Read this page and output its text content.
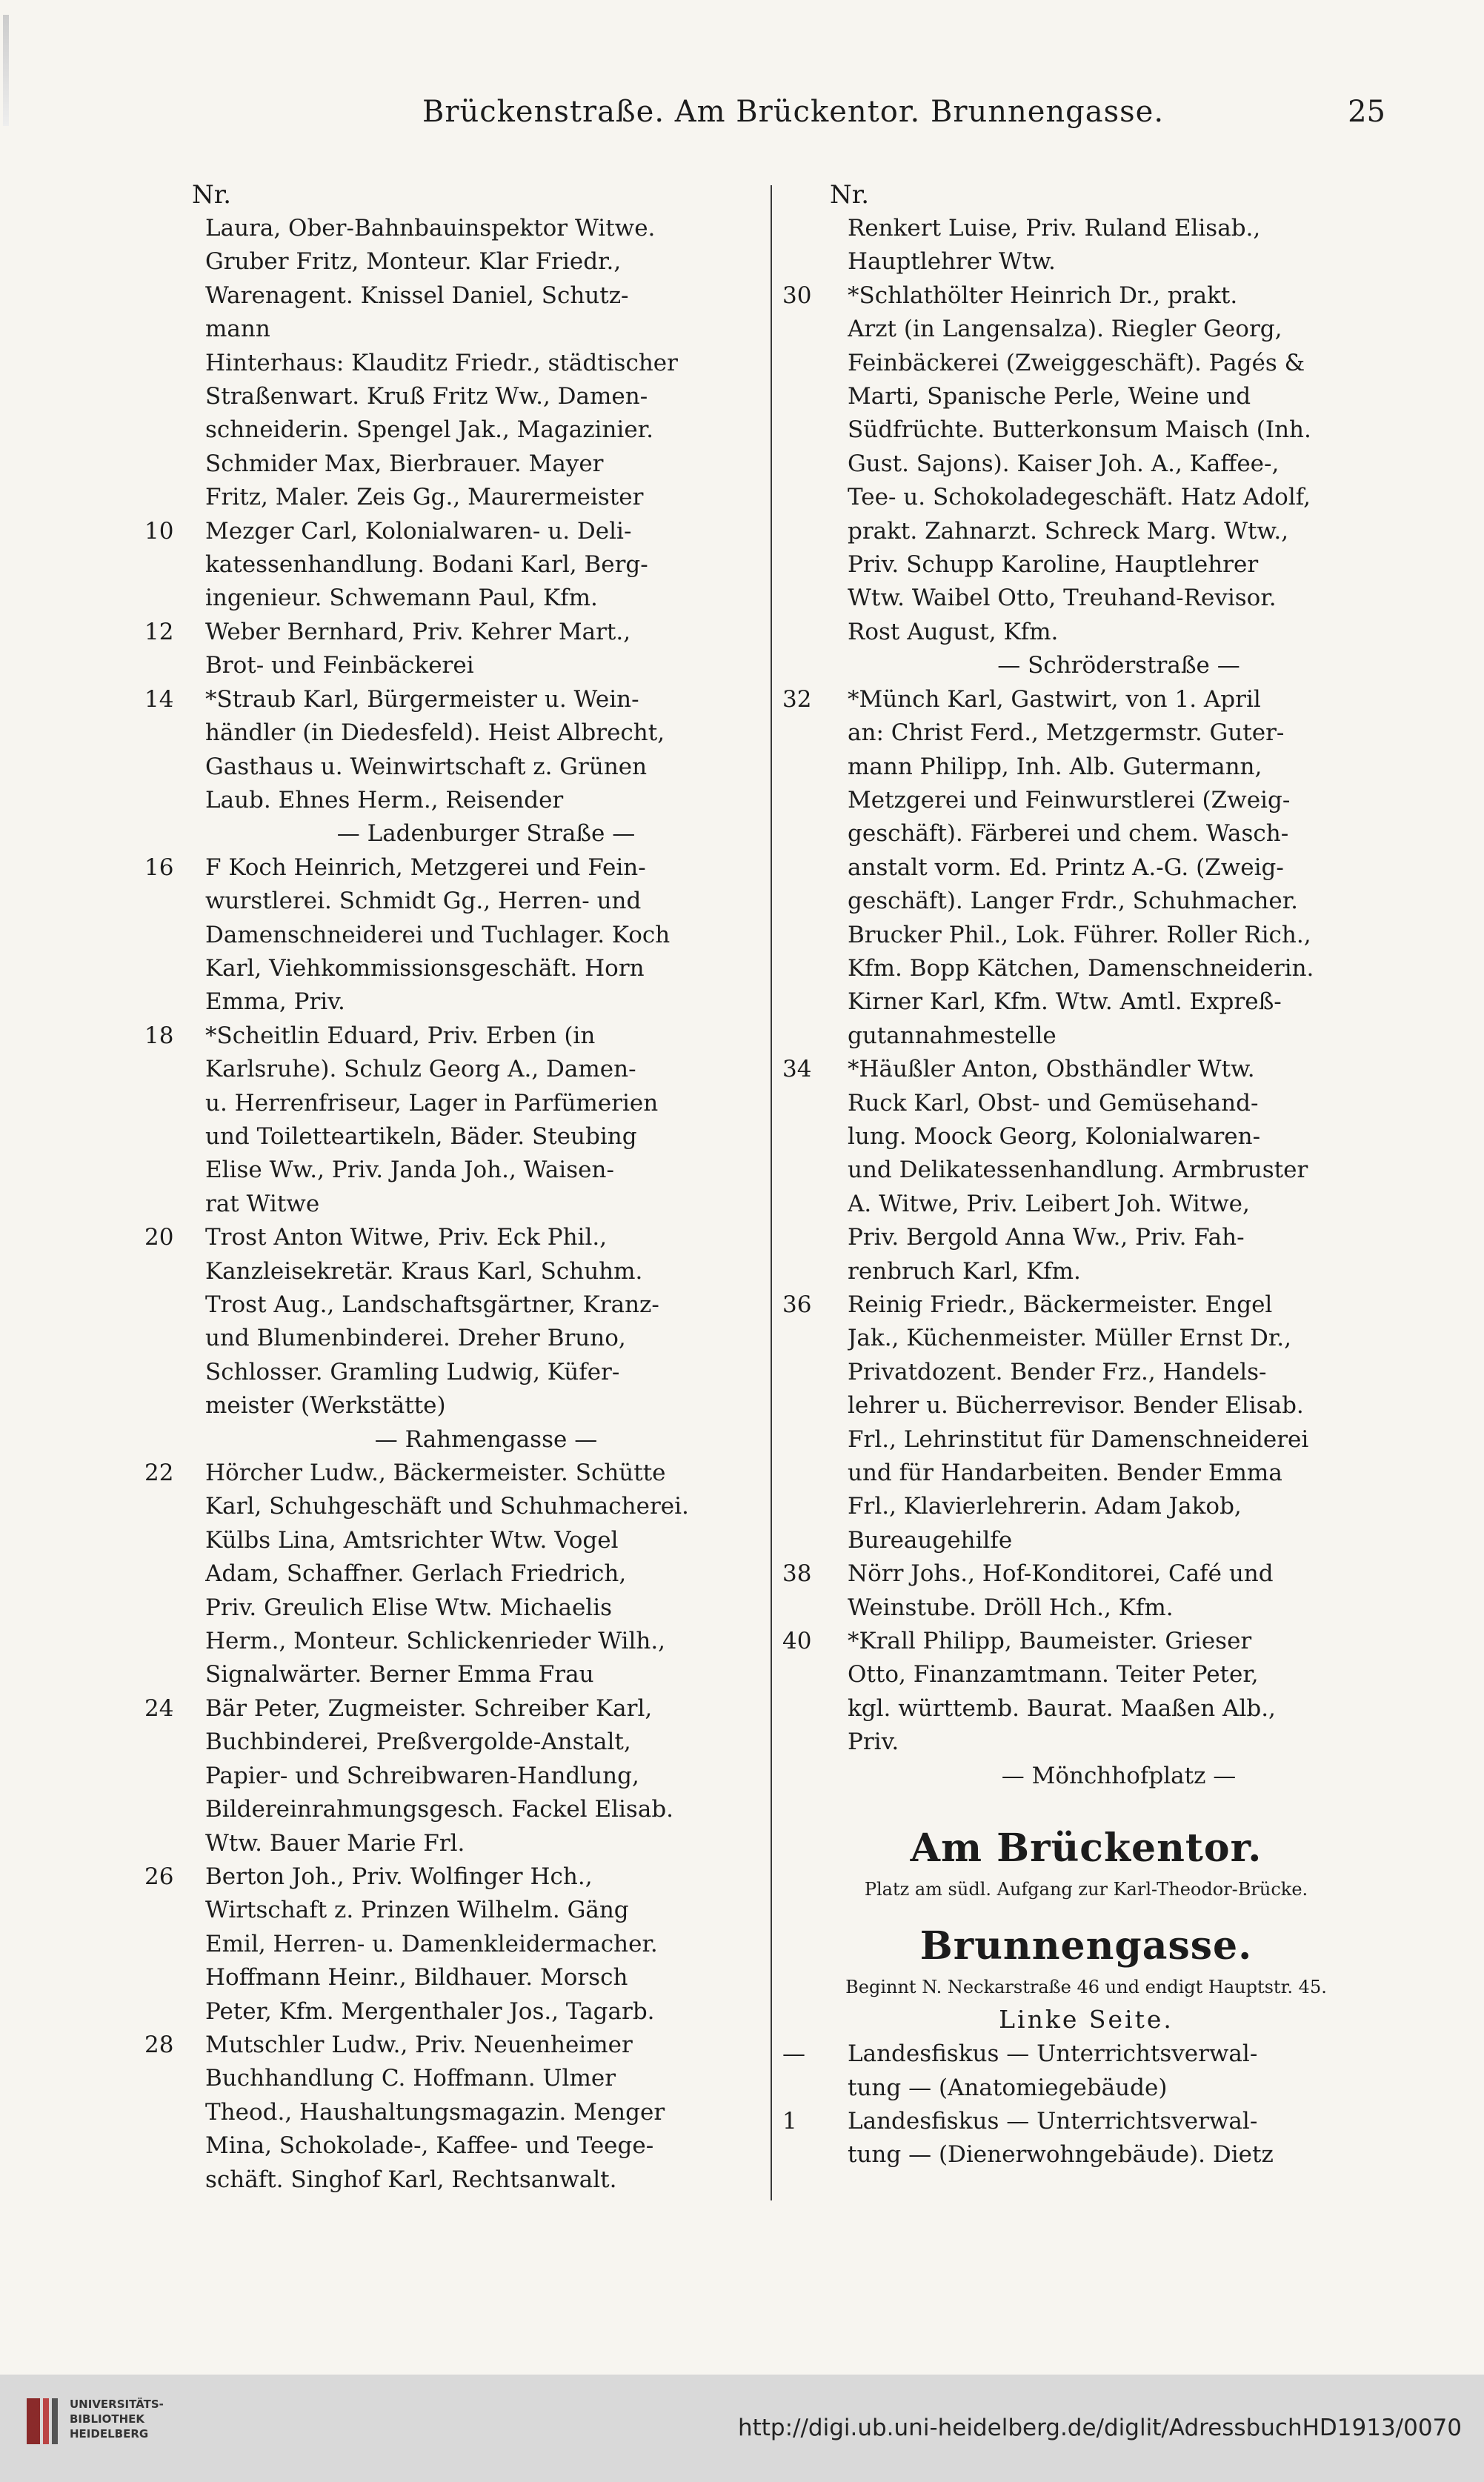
Brückenstraße. Am Brückentor. Brunnengasse.	25
Nr.
Laura, Ober-Bahnbauinspektor Witwe.
Gruber Fritz, Monteur. Klar Friedr.,
Warenagent. Knissel Daniel, Schutz-
mann
Hinterhaus: Klauditz Friedr., städtischer
Straßenwart. Kruß Fritz Ww., Damen-
schneiderin. Spengel Jak., Magazinier.
Schmider Max, Bierbrauer. Mayer
Fritz, Maler. Zeis Gg., Maurermeister
10	Mezger Carl, Kolonialwaren- u. Deli-
katessenhandlung. Bodani Karl, Berg-
ingenieur. Schwemann Paul, Kfm.
12	Weber Bernhard, Priv. Kehrer Mart.,
Brot- und Feinbäckerei
14	*Straub Karl, Bürgermeister u. Wein-
händler (in Diedesfeld). Heist Albrecht,
Gasthaus u. Weinwirtschaft z. Grünen
Laub. Ehnes Herm., Reisender
— Ladenburger Straße —
16	F Koch Heinrich, Metzgerei und Fein-
wurstlerei. Schmidt Gg., Herren- und
Damenschneiderei und Tuchlager. Koch
Karl, Viehkommissionsgeschäft. Horn
Emma, Priv.
18	*Scheitlin Eduard, Priv. Erben (in
Karlsruhe). Schulz Georg A., Damen-
u. Herrenfriseur, Lager in Parfümerien
und Toiletteartikeln, Bäder. Steubing
Elise Ww., Priv. Janda Joh., Waisen-
rat Witwe
20	Trost Anton Witwe, Priv. Eck Phil.,
Kanzleisekretär. Kraus Karl, Schuhm.
Trost Aug., Landschaftsgärtner, Kranz-
und Blumenbinderei. Dreher Bruno,
Schlosser. Gramling Ludwig, Küfer-
meister (Werkstätte)
— Rahmengasse —
22	Hörcher Ludw., Bäckermeister. Schütte
Karl, Schuhgeschäft und Schuhmacherei.
Külbs Lina, Amtsrichter Wtw. Vogel
Adam, Schaffner. Gerlach Friedrich,
Priv. Greulich Elise Wtw. Michaelis
Herm., Monteur. Schlickenrieder Wilh.,
Signalwärter. Berner Emma Frau
24	Bär Peter, Zugmeister. Schreiber Karl,
Buchbinderei, Preßvergolde-Anstalt,
Papier- und Schreibwaren-Handlung,
Bildereinrahmungsgesch. Fackel Elisab.
Wtw. Bauer Marie Frl.
26	Berton Joh., Priv. Wolfinger Hch.,
Wirtschaft z. Prinzen Wilhelm. Gäng
Emil, Herren- u. Damenkleidermacher.
Hoffmann Heinr., Bildhauer. Morsch
Peter, Kfm. Mergenthaler Jos., Tagarb.
28	Mutschler Ludw., Priv. Neuenheimer
Buchhandlung C. Hoffmann. Ulmer
Theod., Haushaltungsmagazin. Menger
Mina, Schokolade-, Kaffee- und Teege-
schäft. Singhof Karl, Rechtsanwalt.
Nr.
Renkert Luise, Priv. Ruland Elisab.,
Hauptlehrer Wtw.
30	*Schlathölter Heinrich Dr., prakt.
Arzt (in Langensalza). Riegler Georg,
Feinbäckerei (Zweiggeschäft). Pagés &
Marti, Spanische Perle, Weine und
Südfrüchte. Butterkonsum Maisch (Inh.
Gust. Sajons). Kaiser Joh. A., Kaffee-,
Tee- u. Schokoladegeschäft. Hatz Adolf,
prakt. Zahnarzt. Schreck Marg. Wtw.,
Priv. Schupp Karoline, Hauptlehrer
Wtw. Waibel Otto, Treuhand-Revisor.
Rost August, Kfm.
— Schröderstraße —
32	*Münch Karl, Gastwirt, von 1. April
an: Christ Ferd., Metzgermstr. Guter-
mann Philipp, Inh. Alb. Gutermann,
Metzgerei und Feinwurstlerei (Zweig-
geschäft). Färberei und chem. Wasch-
anstalt vorm. Ed. Printz A.-G. (Zweig-
geschäft). Langer Frdr., Schuhmacher.
Brucker Phil., Lok. Führer. Roller Rich.,
Kfm. Bopp Kätchen, Damenschneiderin.
Kirner Karl, Kfm. Wtw. Amtl. Expreß-
gutannahmestelle
34	*Häußler Anton, Obsthändler Wtw.
Ruck Karl, Obst- und Gemüsehand-
lung. Moock Georg, Kolonialwaren-
und Delikatessenhandlung. Armbruster
A. Witwe, Priv. Leibert Joh. Witwe,
Priv. Bergold Anna Ww., Priv. Fah-
renbruch Karl, Kfm.
36	Reinig Friedr., Bäckermeister. Engel
Jak., Küchenmeister. Müller Ernst Dr.,
Privatdozent. Bender Frz., Handels-
lehrer u. Bücherrevisor. Bender Elisab.
Frl., Lehrinstitut für Damenschneiderei
und für Handarbeiten. Bender Emma
Frl., Klavierlehrerin. Adam Jakob,
Bureaugehilfe
38	Nörr Johs., Hof-Konditorei, Café und
Weinstube. Dröll Hch., Kfm.
40	*Krall Philipp, Baumeister. Grieser
Otto, Finanzamtmann. Teiter Peter,
kgl. württemb. Baurat. Maaßen Alb.,
Priv.
— Mönchhofplatz —
Am Brückentor.
Platz am südl. Aufgang zur Karl-Theodor-Brücke.
Brunnengasse.
Beginnt N. Neckarstraße 46 und endigt Hauptstr. 45.
Linke Seite.
—	Landesfiskus — Unterrichtsverwal-
tung — (Anatomiegebäude)
1	Landesfiskus — Unterrichtsverwal-
tung — (Dienerwohngebäude). Dietz
UNIVERSITÄTS-
BIBLIOTHEK
HEIDELBERG	http://digi.ub.uni-heidelberg.de/diglit/AdressbuchHD1913/0070
